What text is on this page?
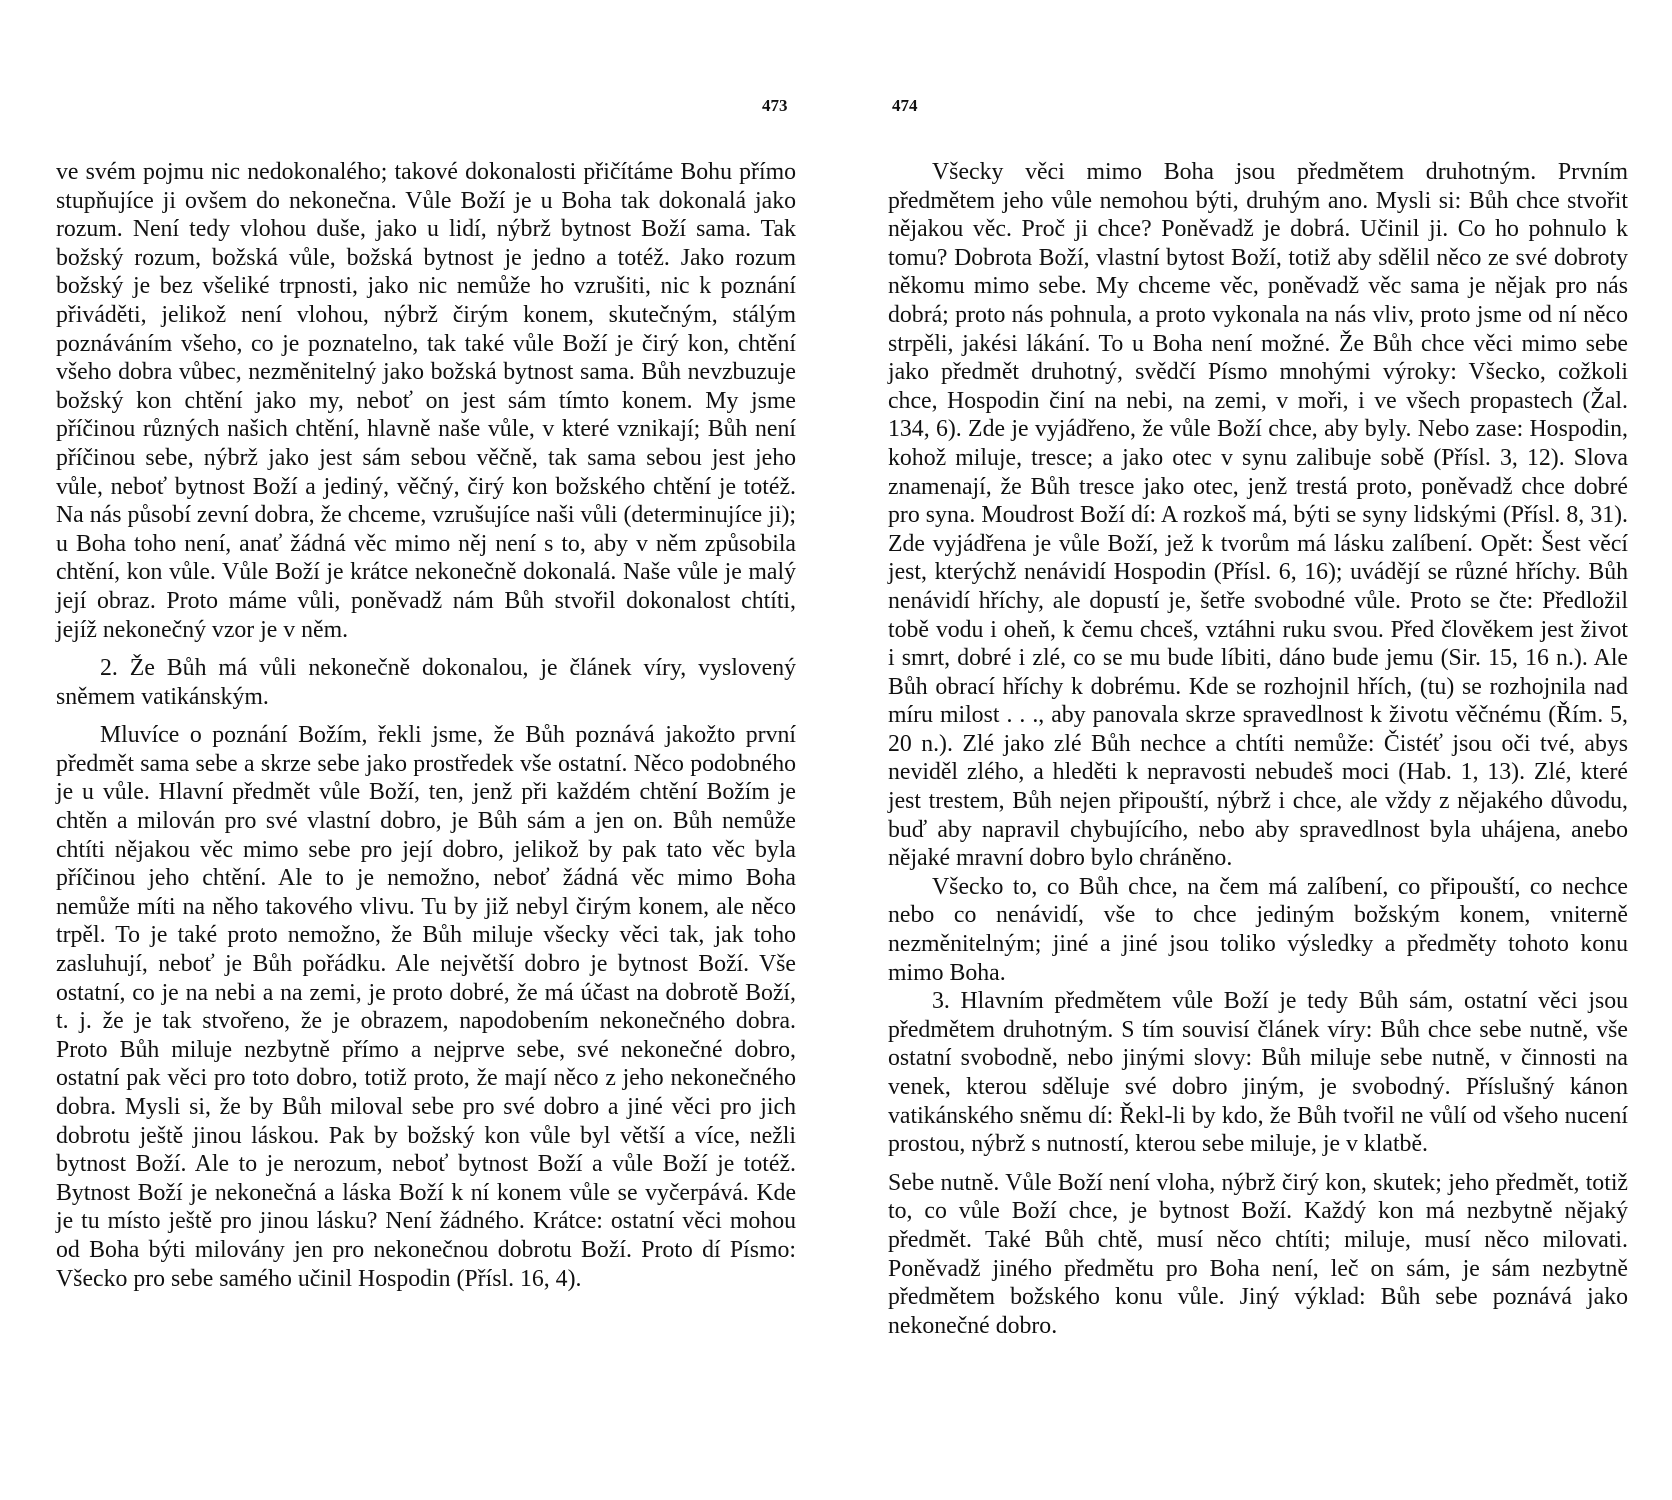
473

ve svém pojmu nic nedokonalého; takové dokonalosti přičítáme Bohu přímo stupňujíce ji ovšem do nekonečna. Vůle Boží je u Boha tak dokonalá jako rozum. Není tedy vlohou duše, jako u lidí, nýbrž bytnost Boží sama. Tak božský rozum, božská vůle, božská bytnost je jedno a totéž. Jako rozum božský je bez všeliké trpnosti, jako nic nemůže ho vzrušiti, nic k poznání přiváděti, jelikož není vlohou, nýbrž čirým konem, skutečným, stálým poznáváním všeho, co je poznatelno, tak také vůle Boží je čirý kon, chtění všeho dobra vůbec, nezměnitelný jako božská bytnost sama. Bůh nevzbuzuje božský kon chtění jako my, neboť on jest sám tímto konem. My jsme příčinou různých našich chtění, hlavně naše vůle, v které vznikají; Bůh není příčinou sebe, nýbrž jako jest sám sebou věčně, tak sama sebou jest jeho vůle, neboť bytnost Boží a jediný, věčný, čirý kon božského chtění je totéž. Na nás působí zevní dobra, že chceme, vzrušujíce naši vůli (determinujíce ji); u Boha toho není, anať žádná věc mimo něj není s to, aby v něm způsobila chtění, kon vůle. Vůle Boží je krátce nekonečně dokonalá. Naše vůle je malý její obraz. Proto máme vůli, poněvadž nám Bůh stvořil dokonalost chtíti, jejíž nekonečný vzor je v něm.

2. Že Bůh má vůli nekonečně dokonalou, je článek víry, vyslovený sněmem vatikánským.

Mluvíce o poznání Božím, řekli jsme, že Bůh poznává jakožto první předmět sama sebe a skrze sebe jako prostředek vše ostatní. Něco podobného je u vůle. Hlavní předmět vůle Boží, ten, jenž při každém chtění Božím je chtěn a milován pro své vlastní dobro, je Bůh sám a jen on. Bůh nemůže chtíti nějakou věc mimo sebe pro její dobro, jelikož by pak tato věc byla příčinou jeho chtění. Ale to je nemožno, neboť žádná věc mimo Boha nemůže míti na něho takového vlivu. Tu by již nebyl čirým konem, ale něco trpěl. To je také proto nemožno, že Bůh miluje všecky věci tak, jak toho zasluhují, neboť je Bůh pořádku. Ale největší dobro je bytnost Boží. Vše ostatní, co je na nebi a na zemi, je proto dobré, že má účast na dobrotě Boží, t. j. že je tak stvořeno, že je obrazem, napodobením nekonečného dobra. Proto Bůh miluje nezbytně přímo a nejprve sebe, své nekonečné dobro, ostatní pak věci pro toto dobro, totiž proto, že mají něco z jeho nekonečného dobra. Mysli si, že by Bůh miloval sebe pro své dobro a jiné věci pro jich dobrotu ještě jinou láskou. Pak by božský kon vůle byl větší a více, nežli bytnost Boží. Ale to je nerozum, neboť bytnost Boží a vůle Boží je totéž. Bytnost Boží je nekonečná a láska Boží k ní konem vůle se vyčerpává. Kde je tu místo ještě pro jinou lásku? Není žádného. Krátce: ostatní věci mohou od Boha býti milovány jen pro nekonečnou dobrotu Boží. Proto dí Písmo: Všecko pro sebe samého učinil Hospodin (Přísl. 16, 4).

474

Všecky věci mimo Boha jsou předmětem druhotným. Prvním předmětem jeho vůle nemohou býti, druhým ano. Mysli si: Bůh chce stvořit nějakou věc. Proč ji chce? Poněvadž je dobrá. Učinil ji. Co ho pohnulo k tomu? Dobrota Boží, vlastní bytost Boží, totiž aby sdělil něco ze své dobroty někomu mimo sebe. My chceme věc, poněvadž věc sama je nějak pro nás dobrá; proto nás pohnula, a proto vykonala na nás vliv, proto jsme od ní něco strpěli, jakési lákání. To u Boha není možné. Že Bůh chce věci mimo sebe jako předmět druhotný, svědčí Písmo mnohými výroky: Všecko, cožkoli chce, Hospodin činí na nebi, na zemi, v moři, i ve všech propastech (Žal. 134, 6). Zde je vyjádřeno, že vůle Boží chce, aby byly. Nebo zase: Hospodin, kohož miluje, tresce; a jako otec v synu zalibuje sobě (Přísl. 3, 12). Slova znamenají, že Bůh tresce jako otec, jenž trestá proto, poněvadž chce dobré pro syna. Moudrost Boží dí: A rozkoš má, býti se syny lidskými (Přísl. 8, 31). Zde vyjádřena je vůle Boží, jež k tvorům má lásku zalíbení. Opět: Šest věcí jest, kterýchž nenávidí Hospodin (Přísl. 6, 16); uvádějí se různé hříchy. Bůh nenávidí hříchy, ale dopustí je, šetře svobodné vůle. Proto se čte: Předložil tobě vodu i oheň, k čemu chceš, vztáhni ruku svou. Před člověkem jest život i smrt, dobré i zlé, co se mu bude líbiti, dáno bude jemu (Sir. 15, 16 n.). Ale Bůh obrací hříchy k dobrému. Kde se rozhojnil hřích, (tu) se rozhojnila nad míru milost . . ., aby panovala skrze spravedlnost k životu věčnému (Řím. 5, 20 n.). Zlé jako zlé Bůh nechce a chtíti nemůže: Čistéť jsou oči tvé, abys neviděl zlého, a hleděti k nepravosti nebudeš moci (Hab. 1, 13). Zlé, které jest trestem, Bůh nejen připouští, nýbrž i chce, ale vždy z nějakého důvodu, buď aby napravil chybujícího, nebo aby spravedlnost byla uhájena, anebo nějaké mravní dobro bylo chráněno.

Všecko to, co Bůh chce, na čem má zalíbení, co připouští, co nechce nebo co nenávidí, vše to chce jediným božským konem, vniterně nezměnitelným; jiné a jiné jsou toliko výsledky a předměty tohoto konu mimo Boha.

3. Hlavním předmětem vůle Boží je tedy Bůh sám, ostatní věci jsou předmětem druhotným. S tím souvisí článek víry: Bůh chce sebe nutně, vše ostatní svobodně, nebo jinými slovy: Bůh miluje sebe nutně, v činnosti na venek, kterou sděluje své dobro jiným, je svobodný. Příslušný kánon vatikánského sněmu dí: Řekl-li by kdo, že Bůh tvořil ne vůlí od všeho nucení prostou, nýbrž s nutností, kterou sebe miluje, je v klatbě.

Sebe nutně. Vůle Boží není vloha, nýbrž čirý kon, skutek; jeho předmět, totiž to, co vůle Boží chce, je bytnost Boží. Každý kon má nezbytně nějaký předmět. Také Bůh chtě, musí něco chtíti; miluje, musí něco milovati. Poněvadž jiného předmětu pro Boha není, leč on sám, je sám nezbytně předmětem božského konu vůle. Jiný výklad: Bůh sebe poznává jako nekonečné dobro.
